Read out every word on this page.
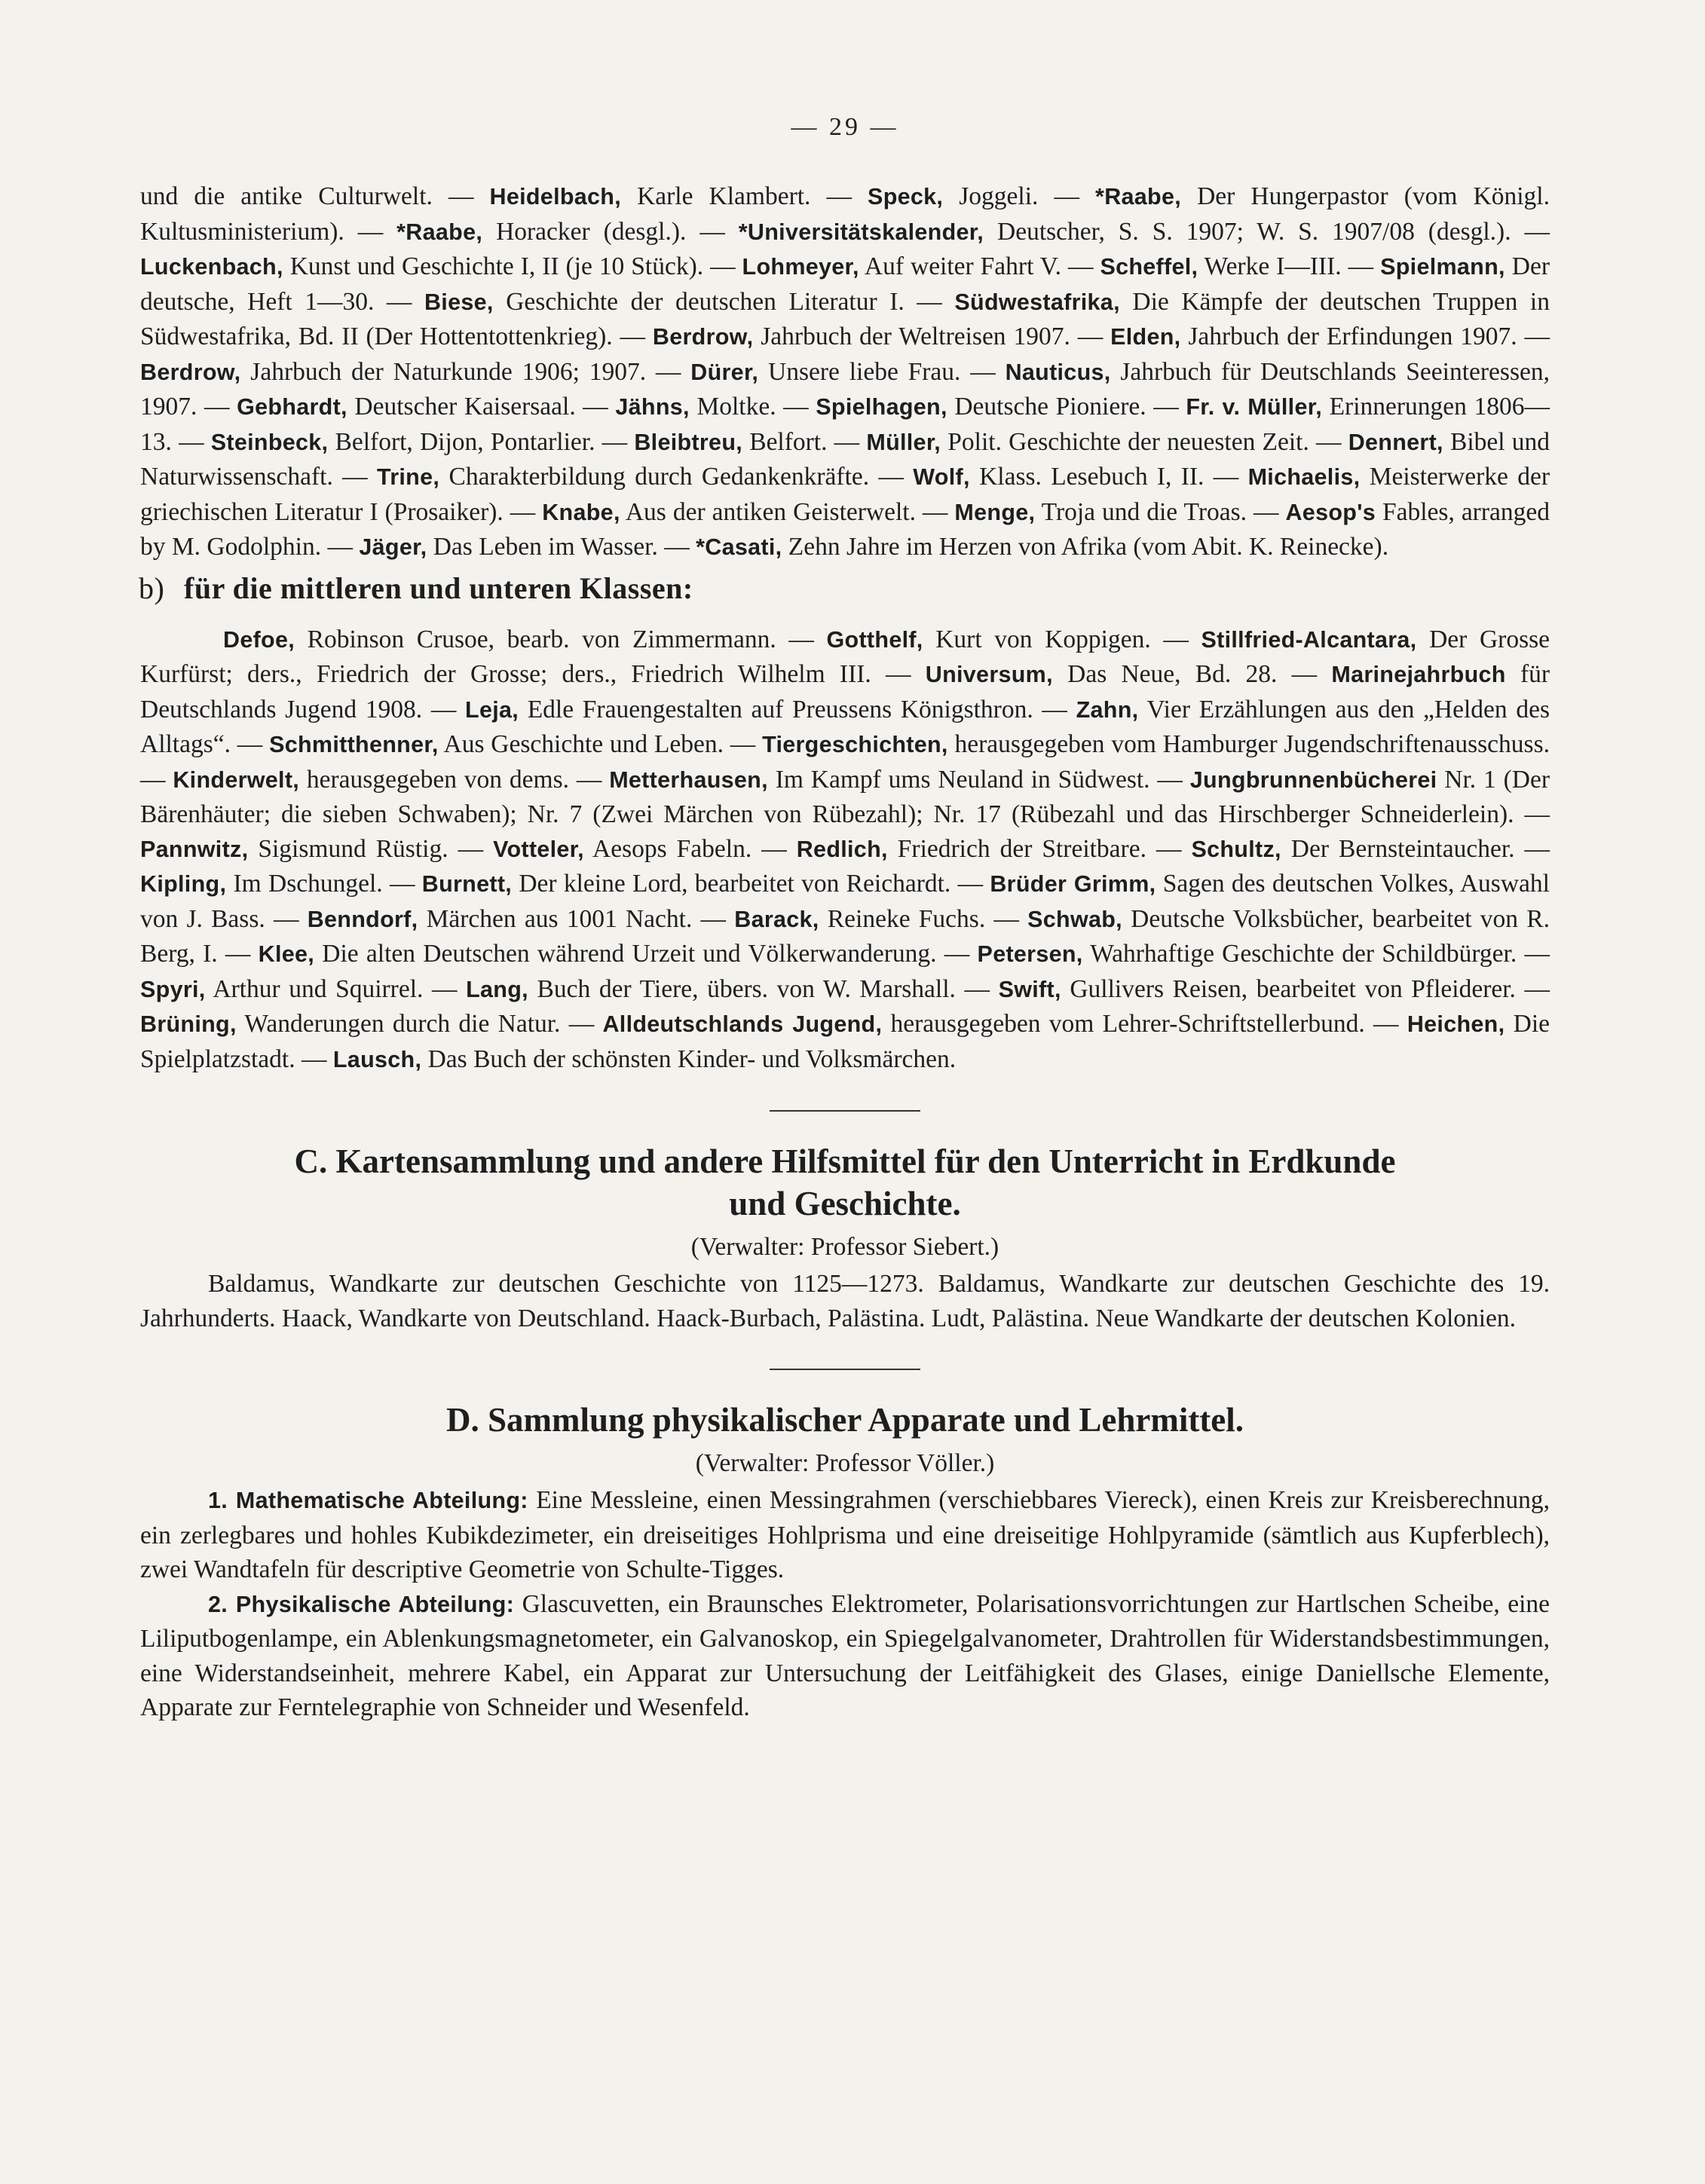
— 29 —

und die antike Culturwelt. — Heidelbach, Karle Klambert. — Speck, Joggeli. — *Raabe, Der Hungerpastor (vom Königl. Kultusministerium). — *Raabe, Horacker (desgl.). — *Universitätskalender, Deutscher, S. S. 1907; W. S. 1907/08 (desgl.). — Luckenbach, Kunst und Geschichte I, II (je 10 Stück). — Lohmeyer, Auf weiter Fahrt V. — Scheffel, Werke I—III. — Spielmann, Der deutsche, Heft 1—30. — Biese, Geschichte der deutschen Literatur I. — Südwestafrika, Die Kämpfe der deutschen Truppen in Südwestafrika, Bd. II (Der Hottentottenkrieg). — Berdrow, Jahrbuch der Weltreisen 1907. — Elden, Jahrbuch der Erfindungen 1907. — Berdrow, Jahrbuch der Naturkunde 1906; 1907. — Dürer, Unsere liebe Frau. — Nauticus, Jahrbuch für Deutschlands Seeinteressen, 1907. — Gebhardt, Deutscher Kaisersaal. — Jähns, Moltke. — Spielhagen, Deutsche Pioniere. — Fr. v. Müller, Erinnerungen 1806—13. — Steinbeck, Belfort, Dijon, Pontarlier. — Bleibtreu, Belfort. — Müller, Polit. Geschichte der neuesten Zeit. — Dennert, Bibel und Naturwissenschaft. — Trine, Charakterbildung durch Gedankenkräfte. — Wolf, Klass. Lesebuch I, II. — Michaelis, Meisterwerke der griechischen Literatur I (Prosaiker). — Knabe, Aus der antiken Geisterwelt. — Menge, Troja und die Troas. — Aesop's Fables, arranged by M. Godolphin. — Jäger, Das Leben im Wasser. — *Casati, Zehn Jahre im Herzen von Afrika (vom Abit. K. Reinecke).

b) für die mittleren und unteren Klassen:

Defoe, Robinson Crusoe, bearb. von Zimmermann. — Gotthelf, Kurt von Koppigen. — Stillfried-Alcantara, Der Grosse Kurfürst; ders., Friedrich der Grosse; ders., Friedrich Wilhelm III. — Universum, Das Neue, Bd. 28. — Marinejahrbuch für Deutschlands Jugend 1908. — Leja, Edle Frauengestalten auf Preussens Königsthron. — Zahn, Vier Erzählungen aus den „Helden des Alltags“. — Schmitthenner, Aus Geschichte und Leben. — Tiergeschichten, herausgegeben vom Hamburger Jugendschriftenausschuss. — Kinderwelt, herausgegeben von dems. — Metterhausen, Im Kampf ums Neuland in Südwest. — Jungbrunnenbücherei Nr. 1 (Der Bärenhäuter; die sieben Schwaben); Nr. 7 (Zwei Märchen von Rübezahl); Nr. 17 (Rübezahl und das Hirschberger Schneiderlein). — Pannwitz, Sigismund Rüstig. — Votteler, Aesops Fabeln. — Redlich, Friedrich der Streitbare. — Schultz, Der Bernsteintaucher. — Kipling, Im Dschungel. — Burnett, Der kleine Lord, bearbeitet von Reichardt. — Brüder Grimm, Sagen des deutschen Volkes, Auswahl von J. Bass. — Benndorf, Märchen aus 1001 Nacht. — Barack, Reineke Fuchs. — Schwab, Deutsche Volksbücher, bearbeitet von R. Berg, I. — Klee, Die alten Deutschen während Urzeit und Völkerwanderung. — Petersen, Wahrhaftige Geschichte der Schildbürger. — Spyri, Arthur und Squirrel. — Lang, Buch der Tiere, übers. von W. Marshall. — Swift, Gullivers Reisen, bearbeitet von Pfleiderer. — Brüning, Wanderungen durch die Natur. — Alldeutschlands Jugend, herausgegeben vom Lehrer-Schriftstellerbund. — Heichen, Die Spielplatzstadt. — Lausch, Das Buch der schönsten Kinder- und Volksmärchen.

C. Kartensammlung und andere Hilfsmittel für den Unterricht in Erdkunde
und Geschichte.
(Verwalter: Professor Siebert.)

Baldamus, Wandkarte zur deutschen Geschichte von 1125—1273. Baldamus, Wandkarte zur deutschen Geschichte des 19. Jahrhunderts. Haack, Wandkarte von Deutschland. Haack-Burbach, Palästina. Ludt, Palästina. Neue Wandkarte der deutschen Kolonien.

D. Sammlung physikalischer Apparate und Lehrmittel.
(Verwalter: Professor Völler.)

1. Mathematische Abteilung: Eine Messleine, einen Messingrahmen (verschiebbares Viereck), einen Kreis zur Kreisberechnung, ein zerlegbares und hohles Kubikdezimeter, ein dreiseitiges Hohlprisma und eine dreiseitige Hohlpyramide (sämtlich aus Kupferblech), zwei Wandtafeln für descriptive Geometrie von Schulte-Tigges.

2. Physikalische Abteilung: Glascuvetten, ein Braunsches Elektrometer, Polarisationsvorrichtungen zur Hartlschen Scheibe, eine Liliputbogenlampe, ein Ablenkungsmagnetometer, ein Galvanoskop, ein Spiegelgalvanometer, Drahtrollen für Widerstandsbestimmungen, eine Widerstandseinheit, mehrere Kabel, ein Apparat zur Untersuchung der Leitfähigkeit des Glases, einige Daniellsche Elemente, Apparate zur Ferntelegraphie von Schneider und Wesenfeld.
